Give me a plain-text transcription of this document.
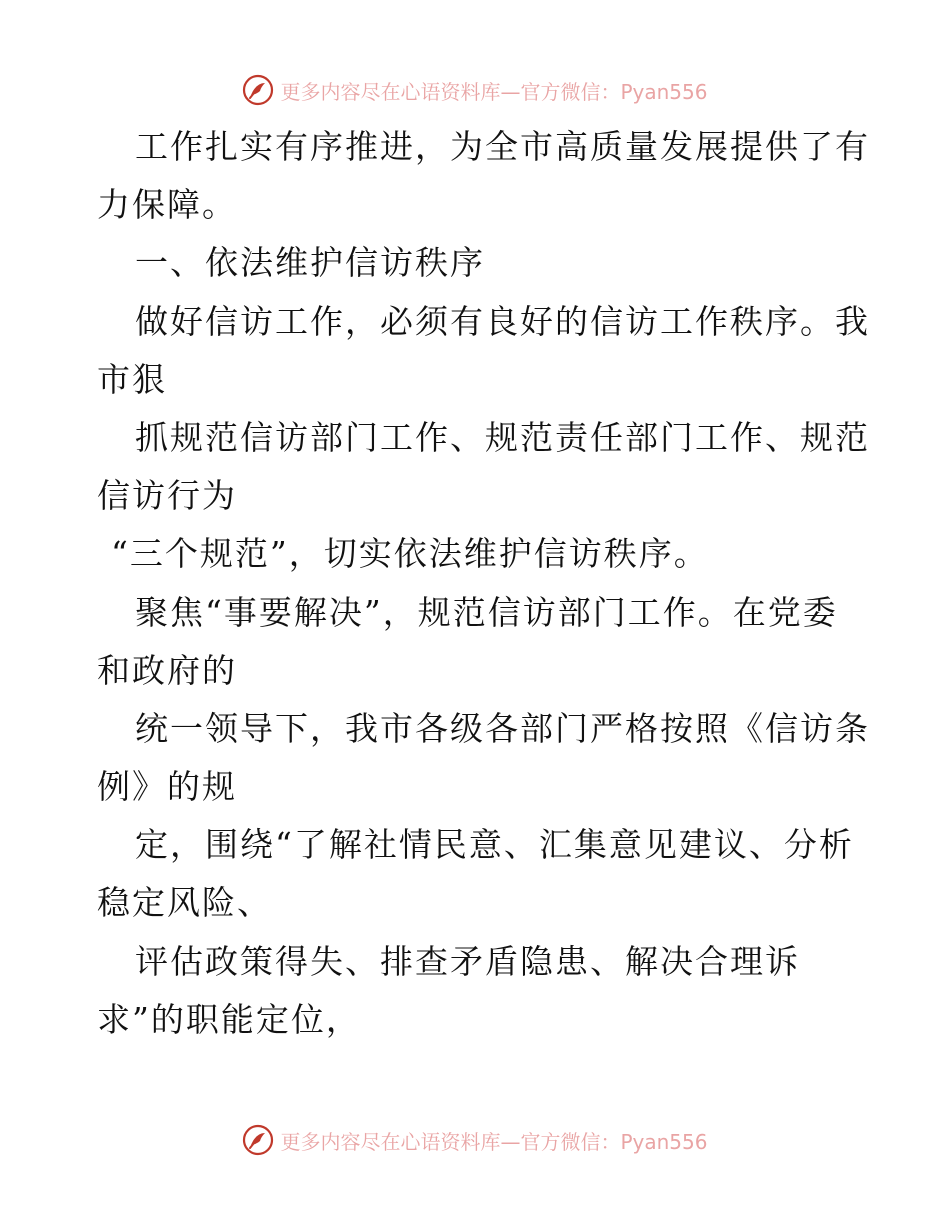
更多内容尽在心语资料库—官方微信：Pyan556
工作扎实有序推进，为全市高质量发展提供了有
力保障。
一、依法维护信访秩序
做好信访工作，必须有良好的信访工作秩序。我
市狠
抓规范信访部门工作、规范责任部门工作、规范
信访行为
“三个规范”，切实依法维护信访秩序。
聚焦“事要解决”，规范信访部门工作。在党委
和政府的
统一领导下，我市各级各部门严格按照《信访条
例》的规
定，围绕“了解社情民意、汇集意见建议、分析
稳定风险、
评估政策得失、排查矛盾隐患、解决合理诉
求”的职能定位，
更多内容尽在心语资料库—官方微信：Pyan556
